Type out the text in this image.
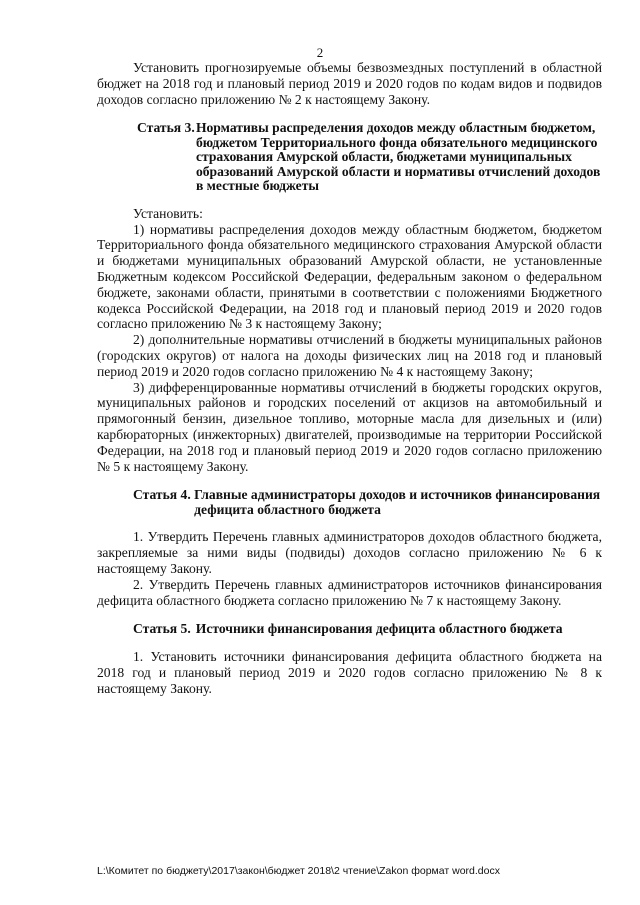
2

Установить прогнозируемые объемы безвозмездных поступлений в областной бюджет на 2018 год и плановый период 2019 и 2020 годов по кодам видов и подвидов доходов согласно приложению № 2 к настоящему Закону.

Статья 3. Нормативы распределения доходов между областным бюджетом, бюджетом Территориального фонда обязательного медицинского страхования Амурской области, бюджетами муниципальных образований Амурской области и нормативы отчислений доходов в местные бюджеты

Установить:

1) нормативы распределения доходов между областным бюджетом, бюджетом Территориального фонда обязательного медицинского страхования Амурской области и бюджетами муниципальных образований Амурской области, не установленные Бюджетным кодексом Российской Федерации, федеральным законом о федеральном бюджете, законами области, принятыми в соответствии с положениями Бюджетного кодекса Российской Федерации, на 2018 год и плановый период 2019 и 2020 годов согласно приложению № 3 к настоящему Закону;

2) дополнительные нормативы отчислений в бюджеты муниципальных районов (городских округов) от налога на доходы физических лиц на 2018 год и плановый период 2019 и 2020 годов согласно приложению № 4 к настоящему Закону;

3) дифференцированные нормативы отчислений в бюджеты городских округов, муниципальных районов и городских поселений от акцизов на автомобильный и прямогонный бензин, дизельное топливо, моторные масла для дизельных и (или) карбюраторных (инжекторных) двигателей, производимые на территории Российской Федерации, на 2018 год и плановый период 2019 и 2020 годов согласно приложению № 5 к настоящему Закону.

Статья 4. Главные администраторы доходов и источников финансирования дефицита областного бюджета

1. Утвердить Перечень главных администраторов доходов областного бюджета, закрепляемые за ними виды (подвиды) доходов согласно приложению № 6 к настоящему Закону.

2. Утвердить Перечень главных администраторов источников финансирования дефицита областного бюджета согласно приложению № 7 к настоящему Закону.

Статья 5. Источники финансирования дефицита областного бюджета

1. Установить источники финансирования дефицита областного бюджета на 2018 год и плановый период 2019 и 2020 годов согласно приложению № 8 к настоящему Закону.

L:\Комитет по бюджету\2017\закон\бюджет 2018\2 чтение\Zakon формат word.docx
